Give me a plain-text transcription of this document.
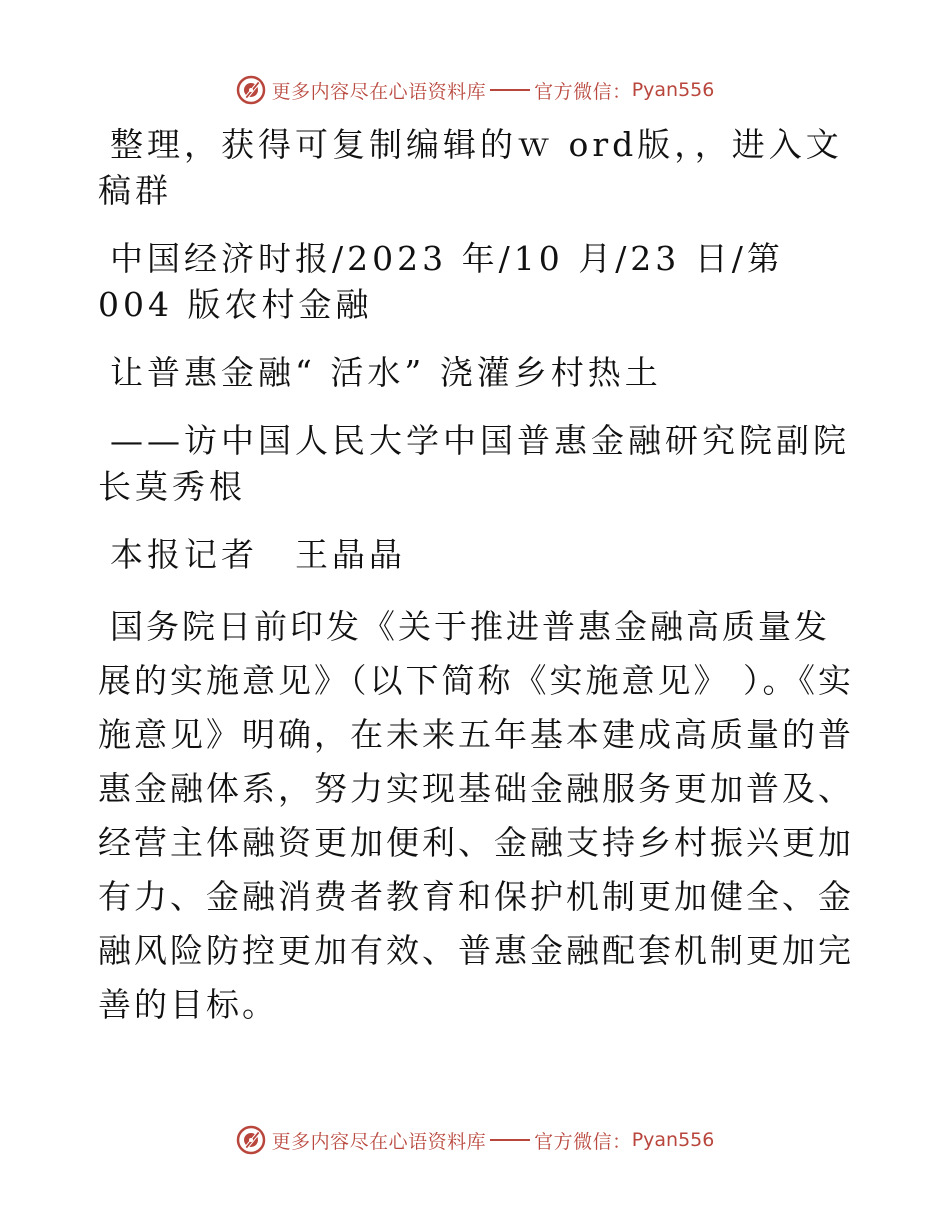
更多内容尽在心语资料库	官方微信： Pyan556

整理，获得可复制编辑的ｗ ord版，，进入文稿群

中国经济时报/2023 年/10 月/23 日/第 004 版农村金融

让普惠金融“ 活水” 浇灌乡村热土

——访中国人民大学中国普惠金融研究院副院长莫秀根

本报记者　王晶晶

国务院日前印发《关于推进普惠金融高质量发展的实施意见》（以下简称《实施意见》 ）。《实施意见》明确，在未来五年基本建成高质量的普惠金融体系，努力实现基础金融服务更加普及、经营主体融资更加便利、金融支持乡村振兴更加有力、金融消费者教育和保护机制更加健全、金融风险防控更加有效、普惠金融配套机制更加完善的目标。

更多内容尽在心语资料库	官方微信： Pyan556
